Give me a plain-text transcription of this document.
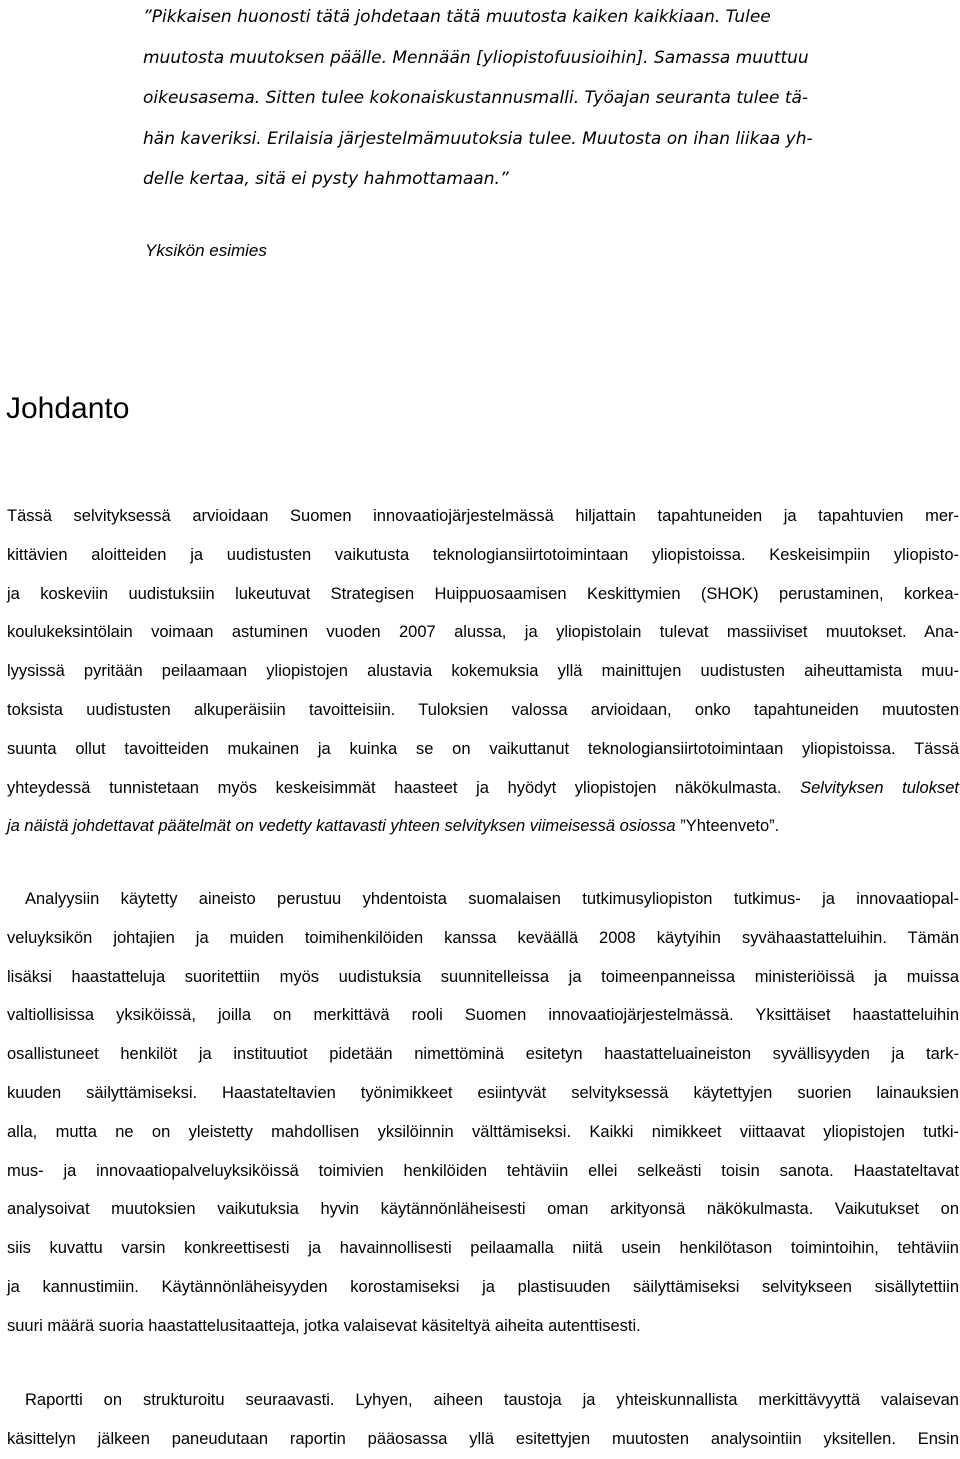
”Pikkaisen huonosti tätä johdetaan tätä muutosta kaiken kaikkiaan. Tulee
muutosta muutoksen päälle. Mennään [yliopistofuusioihin]. Samassa muuttuu
oikeusasema. Sitten tulee kokonaiskustannusmalli. Työajan seuranta tulee tä-
hän kaveriksi. Erilaisia järjestelmämuutoksia tulee. Muutosta on ihan liikaa yh-
delle kertaa, sitä ei pysty hahmottamaan.”

Yksikön esimies

Johdanto
Tässä selvityksessä arvioidaan Suomen innovaatiojärjestelmässä hiljattain tapahtuneiden ja tapahtuvien mer-
kittävien aloitteiden ja uudistusten vaikutusta teknologiansiirtotoimintaan yliopistoissa. Keskeisimpiin yliopisto-
ja koskeviin uudistuksiin lukeutuvat Strategisen Huippuosaamisen Keskittymien (SHOK) perustaminen, korkea-
koulukeksintölain voimaan astuminen vuoden 2007 alussa, ja yliopistolain tulevat massiiviset muutokset. Ana-
lyysissä pyritään peilaamaan yliopistojen alustavia kokemuksia yllä mainittujen uudistusten aiheuttamista muu-
toksista uudistusten alkuperäisiin tavoitteisiin. Tuloksien valossa arvioidaan, onko tapahtuneiden muutosten
suunta ollut tavoitteiden mukainen ja kuinka se on vaikuttanut teknologiansiirtotoimintaan yliopistoissa. Tässä
yhteydessä tunnistetaan myös keskeisimmät haasteet ja hyödyt yliopistojen näkökulmasta. Selvityksen tulokset
ja näistä johdettavat päätelmät on vedetty kattavasti yhteen selvityksen viimeisessä osiossa ”Yhteenveto”.
Analyysiin käytetty aineisto perustuu yhdentoista suomalaisen tutkimusyliopiston tutkimus- ja innovaatiopal-
veluyksikön johtajien ja muiden toimihenkilöiden kanssa keväällä 2008 käytyihin syvähaastatteluihin. Tämän
lisäksi haastatteluja suoritettiin myös uudistuksia suunnitelleissa ja toimeenpanneissa ministeriöissä ja muissa
valtiollisissa yksiköissä, joilla on merkittävä rooli Suomen innovaatiojärjestelmässä. Yksittäiset haastatteluihin
osallistuneet henkilöt ja instituutiot pidetään nimettöminä esitetyn haastatteluaineiston syvällisyyden ja tark-
kuuden säilyttämiseksi. Haastateltavien työnimikkeet esiintyvät selvityksessä käytettyjen suorien lainauksien
alla, mutta ne on yleistetty mahdollisen yksilöinnin välttämiseksi. Kaikki nimikkeet viittaavat yliopistojen tutki-
mus- ja innovaatiopalveluyksiköissä toimivien henkilöiden tehtäviin ellei selkeästi toisin sanota. Haastateltavat
analysoivat muutoksien vaikutuksia hyvin käytännönläheisesti oman arkityonsä näkökulmasta. Vaikutukset on
siis kuvattu varsin konkreettisesti ja havainnollisesti peilaamalla niitä usein henkilötason toimintoihin, tehtäviin
ja kannustimiin. Käytännönläheisyyden korostamiseksi ja plastisuuden säilyttämiseksi selvitykseen sisällytettiin
suuri määrä suoria haastattelusitaatteja, jotka valaisevat käsiteltyä aiheita autenttisesti.
Raportti on strukturoitu seuraavasti. Lyhyen, aiheen taustoja ja yhteiskunnallista merkittävyyttä valaisevan
käsittelyn jälkeen paneudutaan raportin pääosassa yllä esitettyjen muutosten analysointiin yksitellen. Ensin
